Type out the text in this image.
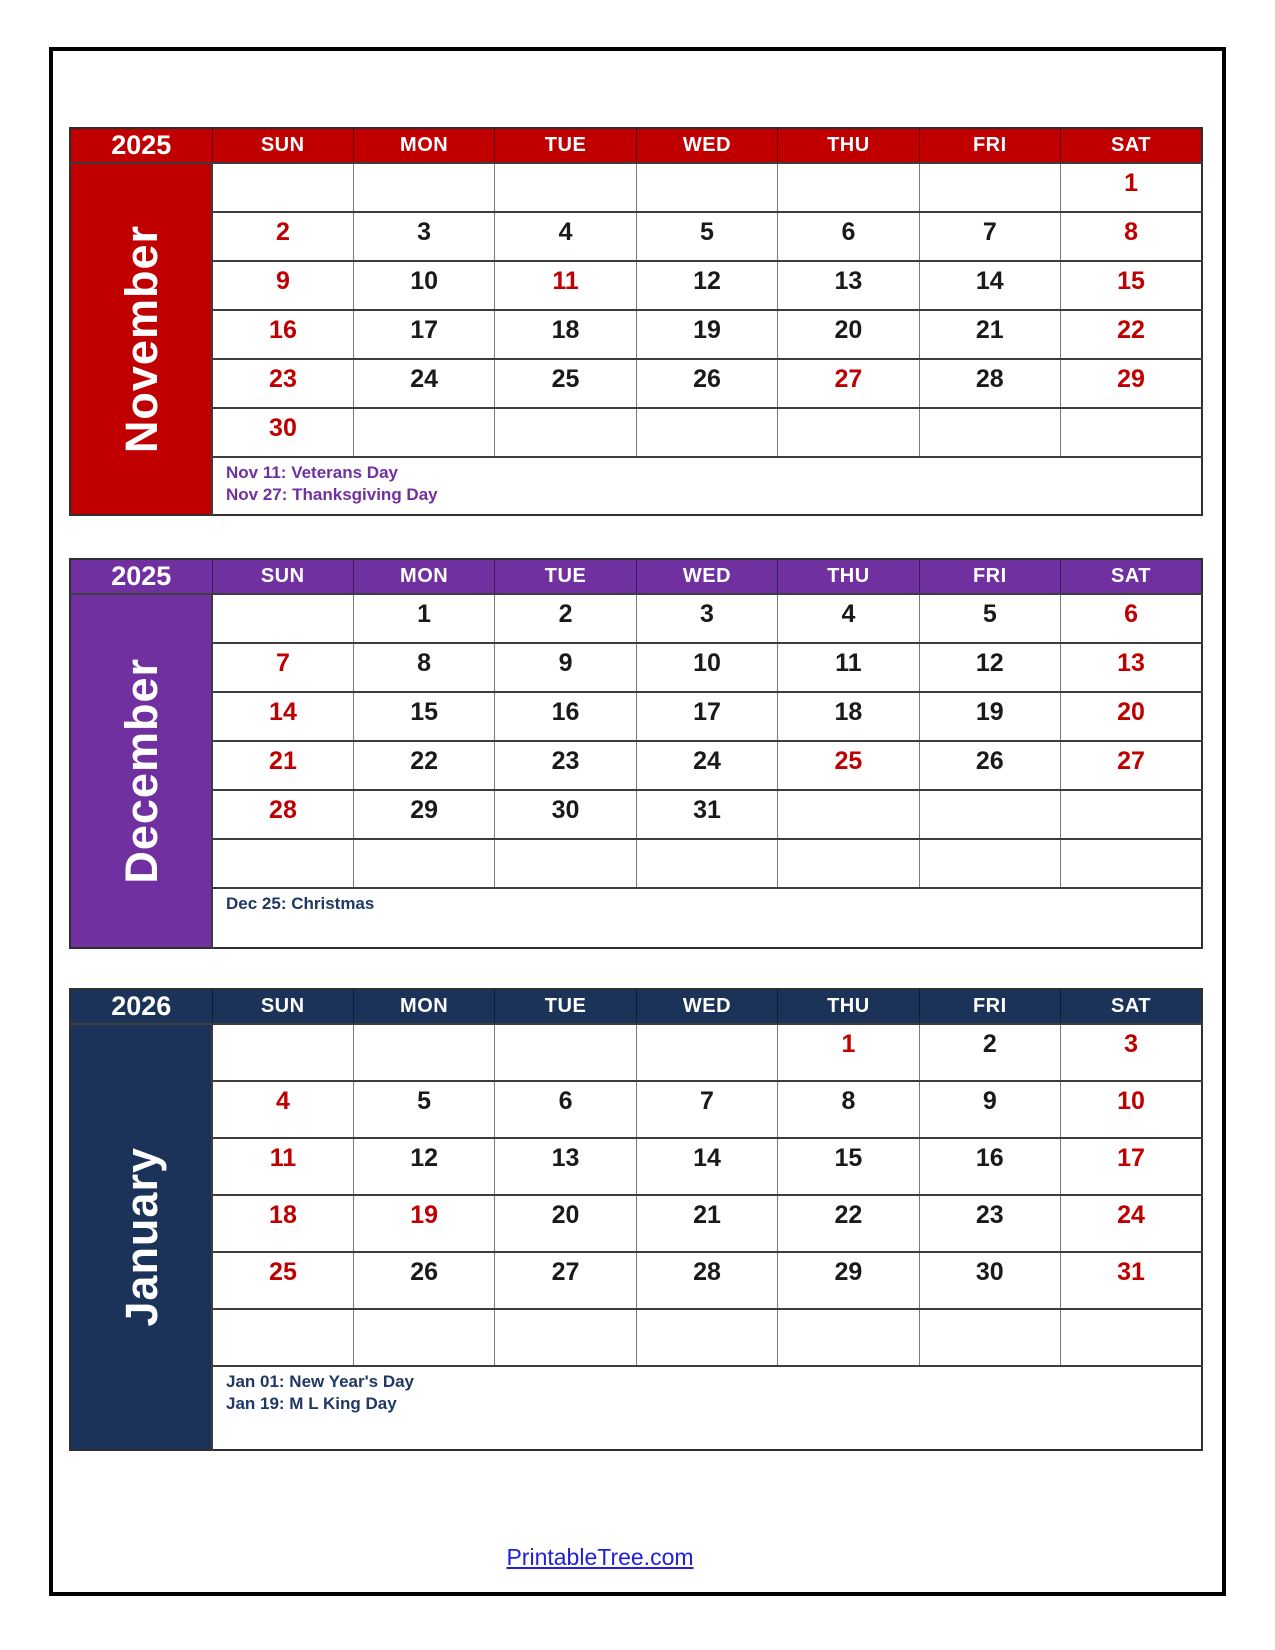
2025	SUN	MON	TUE	WED	THU	FRI	SAT

November							1
	2	3	4	5	6	7	8
	9	10	11	12	13	14	15
	16	17	18	19	20	21	22
	23	24	25	26	27	28	29
	30						

	Nov 11: Veterans Day
Nov 27: Thanksgiving Day						
2025	SUN	MON	TUE	WED	THU	FRI	SAT

December		1	2	3	4	5	6
	7	8	9	10	11	12	13
	14	15	16	17	18	19	20
	21	22	23	24	25	26	27
	28	29	30	31			

	Dec 25: Christmas						
2026	SUN	MON	TUE	WED	THU	FRI	SAT

January					1	2	3
	4	5	6	7	8	9	10
	11	12	13	14	15	16	17
	18	19	20	21	22	23	24
	25	26	27	28	29	30	31

	Jan 01: New Year's Day
Jan 19: M L King Day						
PrintableTree.com
